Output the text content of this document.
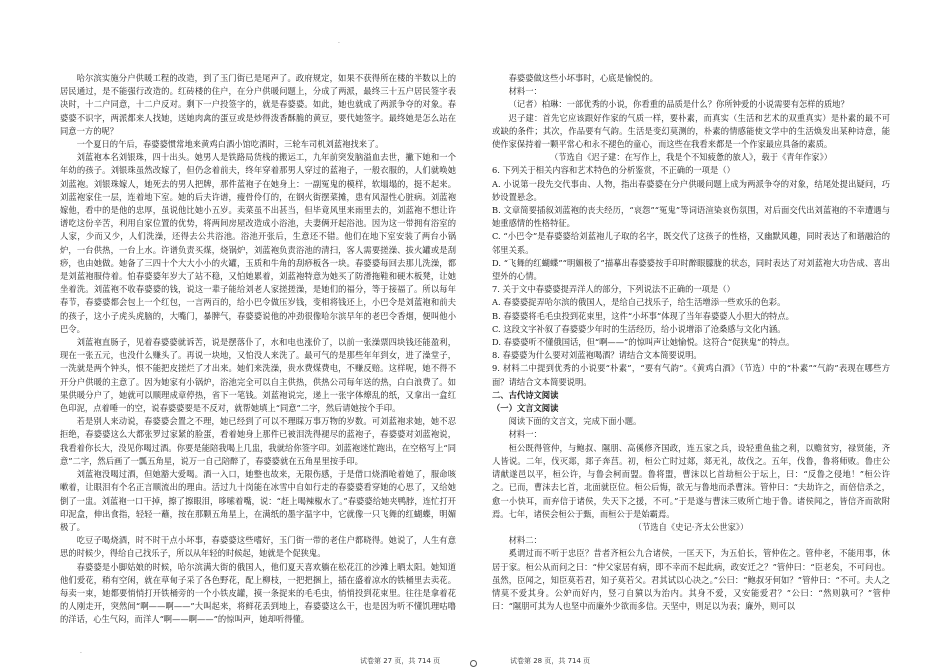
·

哈尔滨实施分户供暖工程的改造，到了玉门街已是尾声了。政府规定，如果不获得所在楼的半数以上的居民通过，是不能强行改造的。红砖楼的住户，在分户供暖问题上，分成了两派，最终三十五户居民签字表决时，十二户同意，十二户反对。剩下一户投签字的，就是春婆婆。如此，她也就成了两派争夺的对象。春婆婆不识字，两派都来人找她，送她肉禽的蛋豆或是炒得泼香酥脆的黄豆，要代她签字。最终她是怎么站在同意一方的呢？

一个夏日的午后，春婆婆惯常地来黄鸡白酒小馆吃酒时，三轮车司机刘蓝袍找来了。

刘蓝袍本名刘银珠，四十出头。她男人是铁路局货栈的搬运工，九年前突发脑溢血去世，撇下她和一个年幼的孩子。刘银珠虽然改嫁了，但仍念着前夫，终年穿着那男人穿过的蓝袍子，一般衣服的，人们就唤她刘蓝袍。刘银珠嫁人，她死去的男人把牌，那件蓝袍子在她身上：一副冤鬼的模样，软塌塌的，挺不起来。刘蓝袍家住一层，连着地下室。她的后夫许谱，瘦骨伶仃的，在钢火街摆菜摊，患有风湿性心脏病。刘蓝袍嫁他，看中的是他的忠厚，虽说他比她小五岁。卖菜虽不出甚当，但毕竟风里来雨里去的，刘蓝袍不想让许谱吃这份辛苦，利用自家位置的优势，将两间房屋改造成小浴池，夫妻俩开起浴池。因为这一带拥有浴室的人家，少而又少，人们洗澡，还得去公共浴池。浴池开张后，生意还不错。他们在地下室安装了两台小锅炉，一台供热，一台上水。许谱负责买煤，烧锅炉，刘蓝袍负责浴池的清扫，客人需要搓澡、拔火罐或是刮痧，也由她做。她备了三四十个大大小小的火罐，玉质和牛角的刮痧板各一块。春婆婆每回去那儿洗澡，都是刘蓝袍服侍着。怕春婆婆年岁大了站不稳，又怕她累着，刘蓝袍特意为她买了防滑拖鞋和硬木板凳，让她坐着洗。刘蓝袍不收春婆婆的钱，说这一辈子能给刘老人家搓搓澡，是她们的福分，等于接福了。所以每年春节，春婆婆都会包上一个红包，一言两百的，给小巴令做压岁钱，变相将钱还上，小巴令是刘蓝袍和前夫的孩子，这小子虎头虎脑的，大嘴门，暴脾气，春婆婆说他的冲劲很像哈尔滨早年的老巴令香烟，便叫他小巴令。

刘蓝袍直肠子，见着春婆婆就诉苦，说是摆落仆了，水和电也涨价了，以前一张澡票四块钱还能盈利，现在一张五元，也没什么赚头了。再说一块地，又怕没人来洗了。最可气的是那些年年到女，进了澡堂子，一洗就是两个钟头，恨不能把皮搓烂了才出来。她们来洗澡，贵水费煤费电，不赚反赔。这样呢，她不得不开分户供暖的主意了。因为她家有小锅炉，浴池完全可以自主供热，供热公司每年送的热，白白浪费了。如果供暖分户了，她就可以顺理成章停热，省下一笔钱。刘蓝袍说完，递上一张字体燎乱的纸，又拿出一盒红色印泥，点着唾一的空，说春婆婆要是不反对，就帮她填上“同意”二字，然后请她按个手印。

若是别人来动说，春婆婆会置之不理，她已经到了可以不理睬万事万物的岁数。可刘蓝袍求她，她不忍拒绝，春婆婆这么大都张罗过家紧的脸蛋，看着她身上那件已被泪洗得褪尽的蓝袍子，春婆婆对刘蓝袍说，我看着你长大，没见你喝过酒。你要是能陪我喝上几盅，我就给你签字印。刘蓝袍迷忙跑出，在空格写上“同意”二字，然后画了一瓢五角星，说万一自己陪醉了，春婆婆就在五角星里按手印。

刘蓝袍没喝过酒，但她豁大爱喝。酒一入口，她整也故来，无限伤感，于是借口烧酒呛着她了，服命咳嗽着，让眼泪有个名正言顺流出的理由。活过九十岗能在冰雪中自如行走的春婆婆看穿她的心思了，又给她倒了一盅。刘蓝袍一口干掉，擦了擦眼泪，哆嗦着嘴，说：“赶上喝辣椒水了。”春婆婆给她夹鸭脖，连忙打开印泥盒，伸出食指，轻轻一蘸，按在那颗五角星上，在满纸的墨字温字中，它就像一只飞舞的红蝴蝶，明媚极了。

吃豆子喝烧酒，时不时干点小坏事，春婆婆这些嗜好，玉门街一带的老住户都晓得。她说了，人生有意思的时候少，得给自己找乐子，所以从年轻的时候起，她就是个促狭鬼。

春婆婆是小脚姑娘的时候，哈尔滨满大街的俄国人，他们夏天喜欢躺在松花江的沙滩上晒太阳。她知道他们爱花，稍有空闲，就在草甸子采了各色野花，配上柳枝，一把把捆上，插在盛着凉水的铁桶里去卖花。每卖一束，她都要悄悄打开铁桶旁的一个小铁皮罐，摸一条捉来的毛毛虫，悄悄投到花束里。往往是拿着花的人刚走开，突然间“啊——啊——”大叫起来，将鲜花丢到地上，春婆婆这么干，也是因为听不懂饥理咕噜的洋话，心生气闷，而洋人“啊——啊——”的惊叫声，她却听得懂。

·

春婆婆做这些小坏事时，心底是愉悦的。

材料一：

（记者）柏琳：一部优秀的小说，你看重的品质是什么？你所钟爱的小说需要有怎样的质地？

迟子建：首先它应该跟好作家的气质一样，要朴素，而真实（生活和艺术的双重真实）是朴素的最不可或缺的条件；其次，作品要有气韵。生活是变幻莫测的，朴素的情感能使文学中的生活焕发出某种诗意，能使作家保持着一颗平常心和永不褪色的童心，而这些在我看来都是一个作家最应具备的素质。

（节选自《迟子建：在写作上，我是个不知疲惫的旅人》，载于《青年作家》）

6. 下列关于相关内容和艺术特色的分析鉴赏，不正确的一项是（）

A. 小说第一段先交代事由、人物，指出春婆婆在分户供暖问题上成为两派争夺的对象，结尾处提出疑问，巧妙设置悬念。

B. 文章简要插叙刘蓝袍的丧夫经历，“哀怨”“冤鬼”等词语渲染哀伤氛围，对后面交代出刘蓝袍的不幸遭遇与她重感情的性格特征。

C. “小巴令”是春婆婆给刘蓝袍儿子取的名字，既交代了这孩子的性格，又幽默风趣，同时表达了和谐融洽的邻里关系。

D. “飞舞的红蝴蝶”“明媚极了”描摹出春婆婆按手印时醉眼朦胧的状态，同时表达了对刘蓝袍大功告成、喜出望外的心情。

7. 关于文中春婆婆提弄洋人的部分，下列说法不正确的一项是（）

A. 春婆婆捉弄哈尔滨的俄国人，是给自己找乐子，给生活增添一些欢乐的色彩。

B. 春婆婆将毛毛虫投到花束里，这件“小坏事”体现了当年春婆婆人小胆大的特点。

C. 这段文字补叙了春婆婆少年时的生活经历，给小说增添了沧桑感与文化内涵。

D. 春婆婆听不懂俄国话，但“啊——”的惊叫声让她愉悦。这符合“促狭鬼”的特点。

8. 春婆婆为什么要对刘蓝袍喝酒？请结合文本简要说明。

9. 材料二中提到优秀的小说要“朴素”，“要有气韵”。《黄鸡白酒》（节选）中的“朴素”“气韵”表现在哪些方面？请结合文本简要说明。

二、古代诗文阅读

（一）文言文阅读

阅读下面的文言文，完成下面小题。

材料一：

桓公既得管仲，与鲍叔、隰朋、高傒修齐国政，连五家之兵，设轻重鱼盐之利，以赡贫穷，禄贤能，齐人皆说。二年，伐灭郯，郯子奔莒。初，桓公亡时过郯，郯无礼，故伐之。五年，伐鲁，鲁将师败。鲁庄公请献遂邑以平，桓公许，与鲁会柯而盟。鲁将盟，曹沫以匕首劫桓公于坛上，曰：“反鲁之侵地！”桓公许之。已而，曹沫去匕首，北面就臣位。桓公后悔，欲无与鲁地而杀曹沫。管仲曰：“夫劫许之，而倍信杀之，愈一小快耳，而弃信于诸侯，失天下之援，不可。”于是遂与曹沫三败所亡地于鲁。诸侯闻之，皆信齐而欲附焉。七年，诸侯会桓公于甄，而桓公于是始霸焉。

（节选自《史记·齐太公世家》）

材料二：

奚谓过而不听于忠臣？昔者齐桓公九合诸侯，一匡天下，为五伯长，管仲佐之。管仲老，不能用事，休居于家。桓公从而问之曰：“仲父家居有病，即不幸而不起此病，政安迁之？”管仲曰：“臣老矣，不可问也。虽然，臣闻之，知臣莫若君，知子莫若父。君其试以心决之。”公曰：“鲍叔牙何如？”管仲曰：“不可。夫人之情莫不爱其身。公妒而好内，竖刁自獖以为治内。其身不爱，又安能爱君？”公曰：“然则孰可？”管仲曰：“隰朋可其为人也坚中而廉外少欲而多信。天坚中，则足以为表；廉外，则可以

试卷第 27 页，共 714 页	试卷第 28 页，共 714 页
